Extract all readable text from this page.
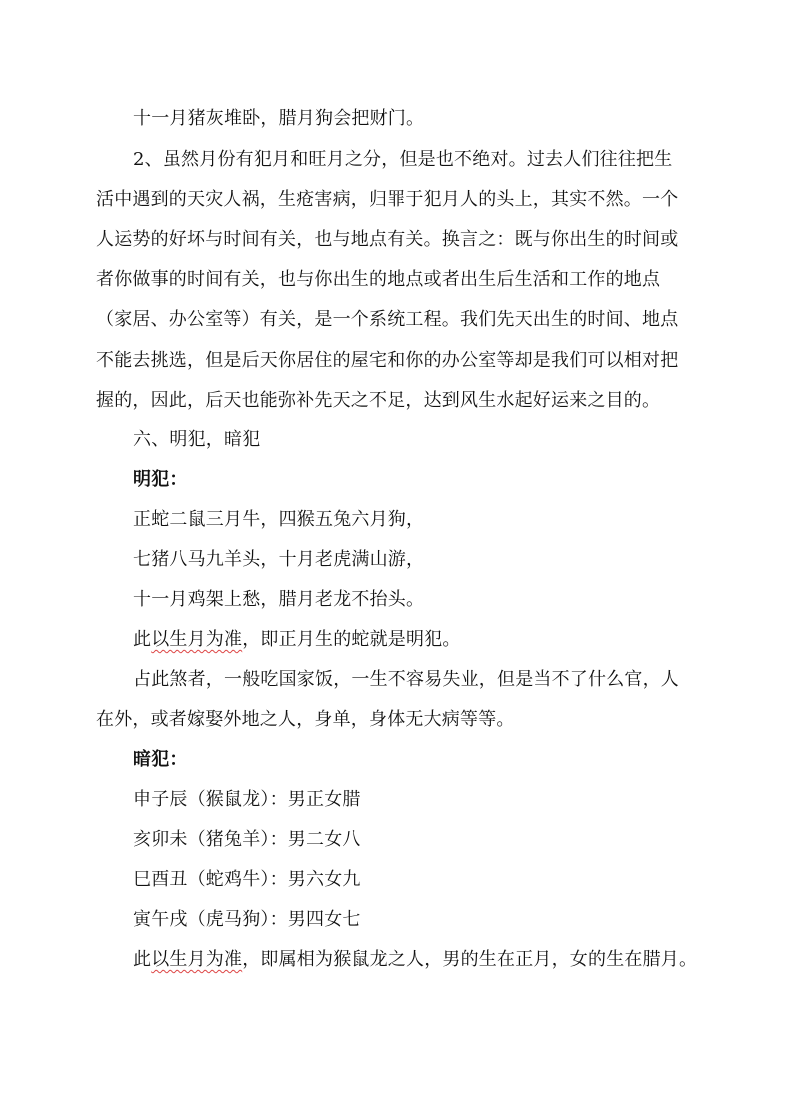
十一月猪灰堆卧，腊月狗会把财门。
2、虽然月份有犯月和旺月之分，但是也不绝对。过去人们往往把生
活中遇到的天灾人祸，生疮害病，归罪于犯月人的头上，其实不然。一个
人运势的好坏与时间有关，也与地点有关。换言之：既与你出生的时间或
者你做事的时间有关，也与你出生的地点或者出生后生活和工作的地点
（家居、办公室等）有关，是一个系统工程。我们先天出生的时间、地点
不能去挑选，但是后天你居住的屋宅和你的办公室等却是我们可以相对把
握的，因此，后天也能弥补先天之不足，达到风生水起好运来之目的。
六、明犯，暗犯
明犯：
正蛇二鼠三月牛，四猴五兔六月狗，
七猪八马九羊头，十月老虎满山游，
十一月鸡架上愁，腊月老龙不抬头。
此以生月为准，即正月生的蛇就是明犯。
占此煞者，一般吃国家饭，一生不容易失业，但是当不了什么官，人
在外，或者嫁娶外地之人，身单，身体无大病等等。
暗犯：
申子辰（猴鼠龙）：男正女腊
亥卯未（猪兔羊）：男二女八
巳酉丑（蛇鸡牛）：男六女九
寅午戌（虎马狗）：男四女七
此以生月为准，即属相为猴鼠龙之人，男的生在正月，女的生在腊月。
